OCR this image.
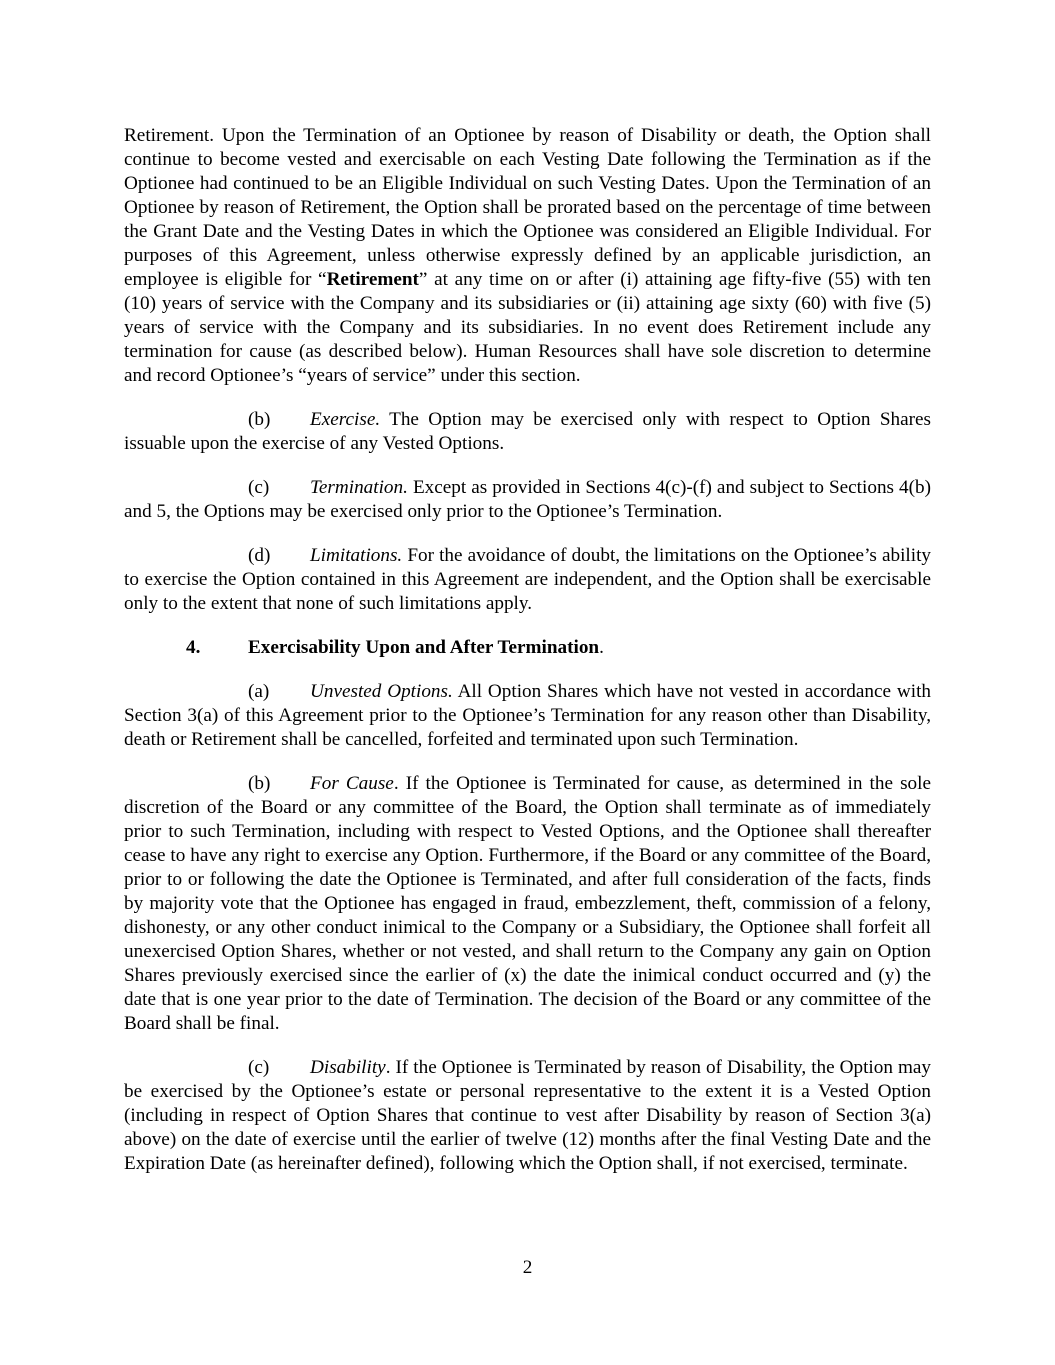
Retirement. Upon the Termination of an Optionee by reason of Disability or death, the Option shall continue to become vested and exercisable on each Vesting Date following the Termination as if the Optionee had continued to be an Eligible Individual on such Vesting Dates. Upon the Termination of an Optionee by reason of Retirement, the Option shall be prorated based on the percentage of time between the Grant Date and the Vesting Dates in which the Optionee was considered an Eligible Individual. For purposes of this Agreement, unless otherwise expressly defined by an applicable jurisdiction, an employee is eligible for “Retirement” at any time on or after (i) attaining age fifty-five (55) with ten (10) years of service with the Company and its subsidiaries or (ii) attaining age sixty (60) with five (5) years of service with the Company and its subsidiaries. In no event does Retirement include any termination for cause (as described below). Human Resources shall have sole discretion to determine and record Optionee’s “years of service” under this section.

(b) Exercise. The Option may be exercised only with respect to Option Shares issuable upon the exercise of any Vested Options.

(c) Termination. Except as provided in Sections 4(c)-(f) and subject to Sections 4(b) and 5, the Options may be exercised only prior to the Optionee’s Termination.

(d) Limitations. For the avoidance of doubt, the limitations on the Optionee’s ability to exercise the Option contained in this Agreement are independent, and the Option shall be exercisable only to the extent that none of such limitations apply.

4. Exercisability Upon and After Termination.

(a) Unvested Options. All Option Shares which have not vested in accordance with Section 3(a) of this Agreement prior to the Optionee’s Termination for any reason other than Disability, death or Retirement shall be cancelled, forfeited and terminated upon such Termination.

(b) For Cause. If the Optionee is Terminated for cause, as determined in the sole discretion of the Board or any committee of the Board, the Option shall terminate as of immediately prior to such Termination, including with respect to Vested Options, and the Optionee shall thereafter cease to have any right to exercise any Option. Furthermore, if the Board or any committee of the Board, prior to or following the date the Optionee is Terminated, and after full consideration of the facts, finds by majority vote that the Optionee has engaged in fraud, embezzlement, theft, commission of a felony, dishonesty, or any other conduct inimical to the Company or a Subsidiary, the Optionee shall forfeit all unexercised Option Shares, whether or not vested, and shall return to the Company any gain on Option Shares previously exercised since the earlier of (x) the date the inimical conduct occurred and (y) the date that is one year prior to the date of Termination. The decision of the Board or any committee of the Board shall be final.

(c) Disability. If the Optionee is Terminated by reason of Disability, the Option may be exercised by the Optionee’s estate or personal representative to the extent it is a Vested Option (including in respect of Option Shares that continue to vest after Disability by reason of Section 3(a) above) on the date of exercise until the earlier of twelve (12) months after the final Vesting Date and the Expiration Date (as hereinafter defined), following which the Option shall, if not exercised, terminate.

2
